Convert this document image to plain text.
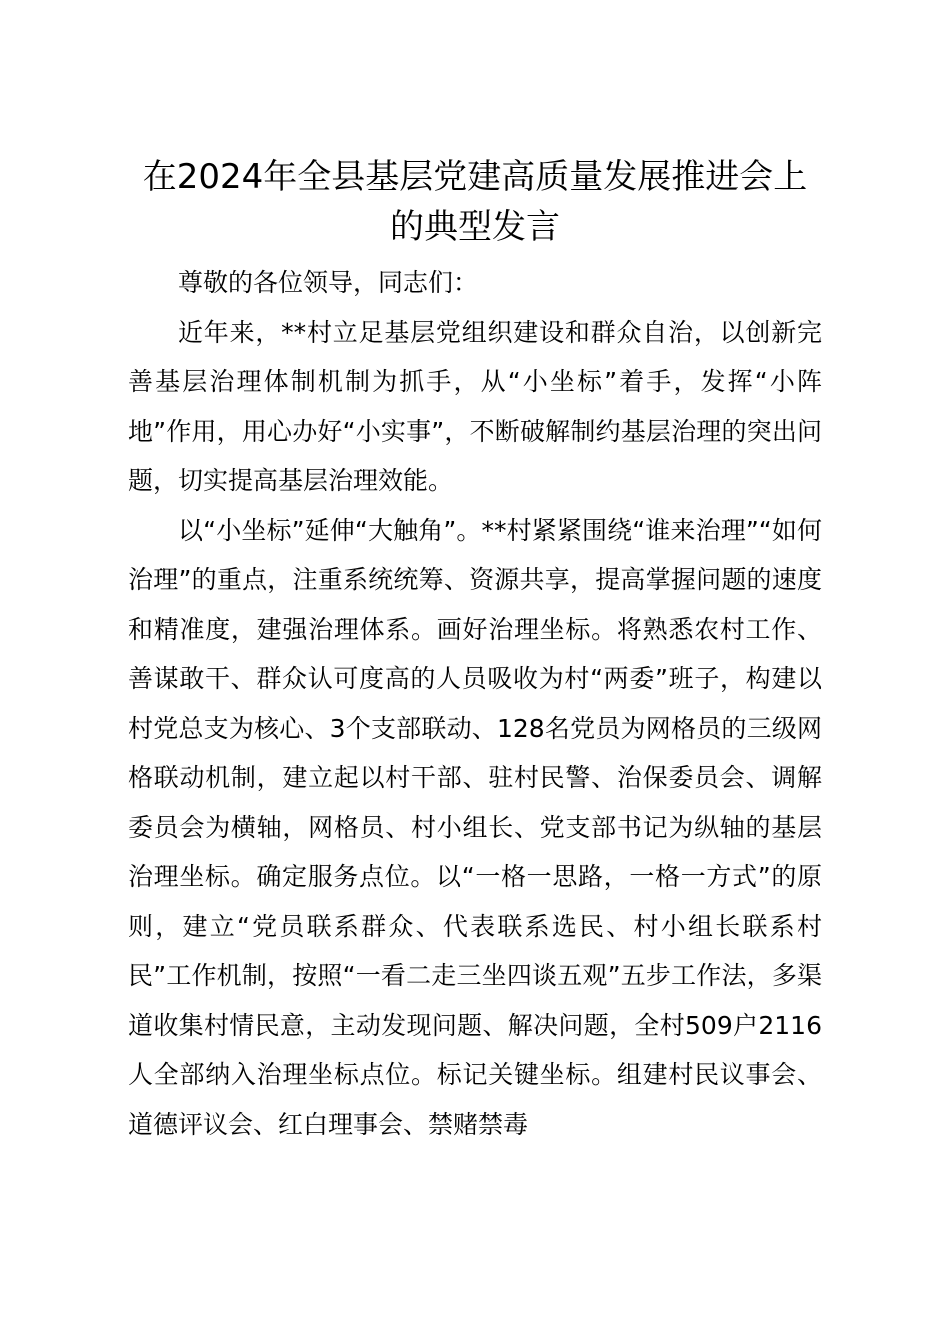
在2024年全县基层党建高质量发展推进会上的典型发言

尊敬的各位领导，同志们：

近年来，**村立足基层党组织建设和群众自治，以创新完善基层治理体制机制为抓手，从“小坐标”着手，发挥“小阵地”作用，用心办好“小实事”，不断破解制约基层治理的突出问题，切实提高基层治理效能。

以“小坐标”延伸“大触角”。**村紧紧围绕“谁来治理”“如何治理”的重点，注重系统统筹、资源共享，提高掌握问题的速度和精准度，建强治理体系。画好治理坐标。将熟悉农村工作、善谋敢干、群众认可度高的人员吸收为村“两委”班子，构建以村党总支为核心、3个支部联动、128名党员为网格员的三级网格联动机制，建立起以村干部、驻村民警、治保委员会、调解委员会为横轴，网格员、村小组长、党支部书记为纵轴的基层治理坐标。确定服务点位。以“一格一思路，一格一方式”的原则，建立“党员联系群众、代表联系选民、村小组长联系村民”工作机制，按照“一看二走三坐四谈五观”五步工作法，多渠道收集村情民意，主动发现问题、解决问题，全村509户2116人全部纳入治理坐标点位。标记关键坐标。组建村民议事会、道德评议会、红白理事会、禁赌禁毒
